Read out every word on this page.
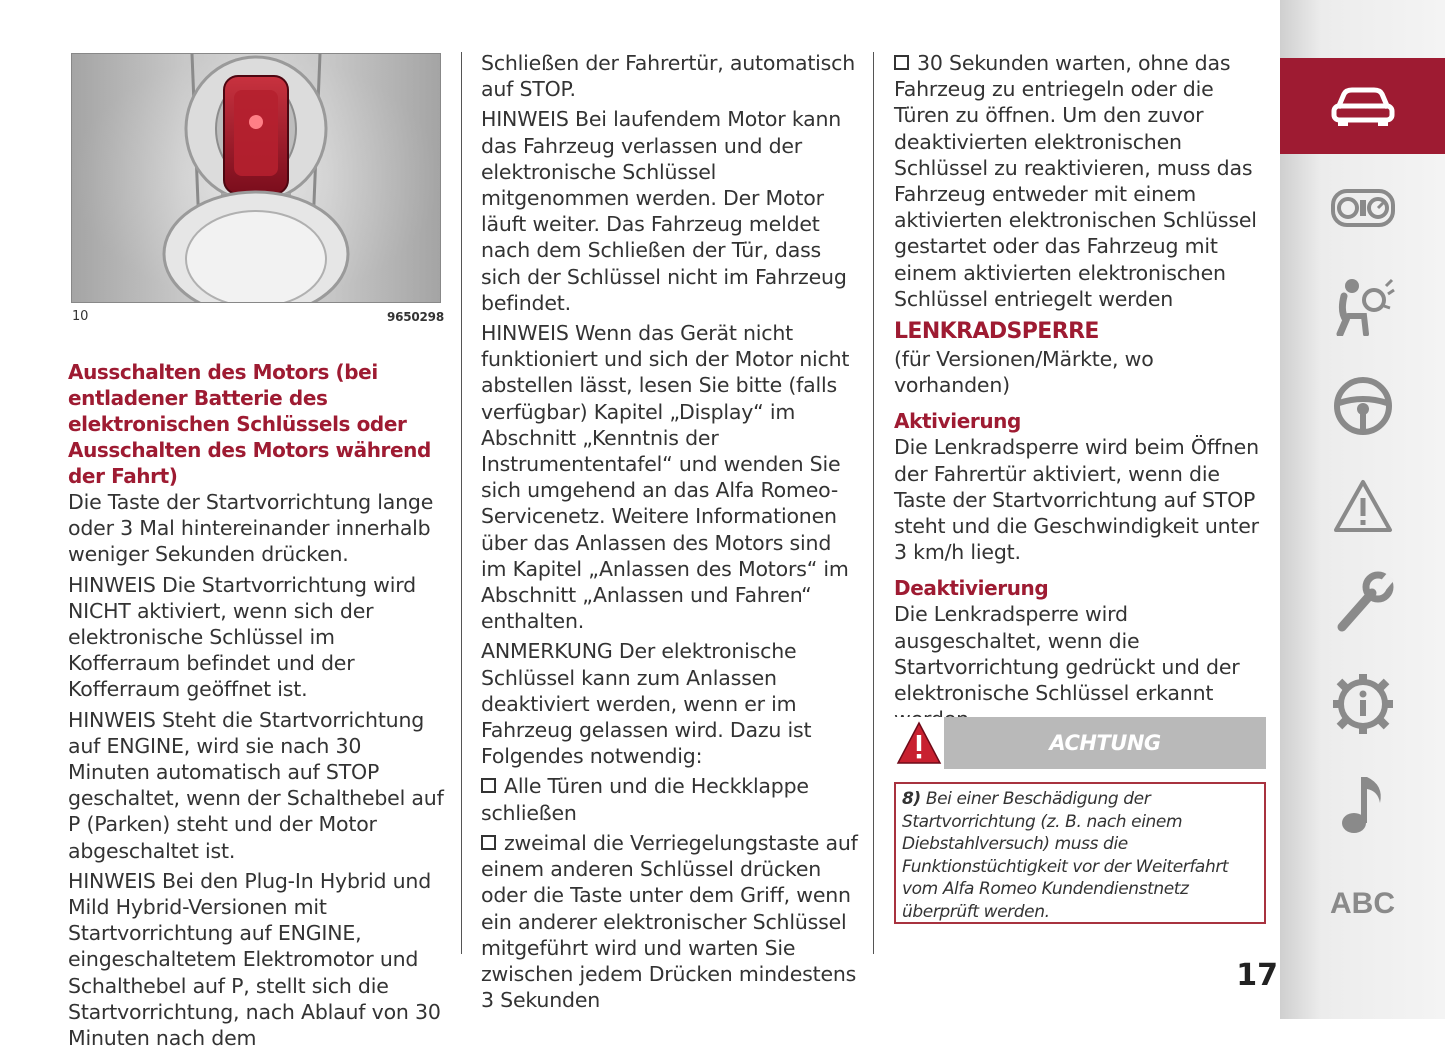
10	9650298
Ausschalten des Motors (bei entladener Batterie des elektronischen Schlüssels oder Ausschalten des Motors während der Fahrt)

Die Taste der Startvorrichtung lange oder 3 Mal hintereinander innerhalb weniger Sekunden drücken.

HINWEIS Die Startvorrichtung wird NICHT aktiviert, wenn sich der elektronische Schlüssel im Kofferraum befindet und der Kofferraum geöffnet ist.

HINWEIS Steht die Startvorrichtung auf ENGINE, wird sie nach 30 Minuten automatisch auf STOP geschaltet, wenn der Schalthebel auf P (Parken) steht und der Motor abgeschaltet ist.

HINWEIS Bei den Plug-In Hybrid und Mild Hybrid-Versionen mit Startvorrichtung auf ENGINE, eingeschaltetem Elektromotor und Schalthebel auf P, stellt sich die Startvorrichtung, nach Ablauf von 30 Minuten nach dem

Schließen der Fahrertür, automatisch auf STOP.

HINWEIS Bei laufendem Motor kann das Fahrzeug verlassen und der elektronische Schlüssel mitgenommen werden. Der Motor läuft weiter. Das Fahrzeug meldet nach dem Schließen der Tür, dass sich der Schlüssel nicht im Fahrzeug befindet.

HINWEIS Wenn das Gerät nicht funktioniert und sich der Motor nicht abstellen lässt, lesen Sie bitte (falls verfügbar) Kapitel „Display“ im Abschnitt „Kenntnis der Instrumententafel“ und wenden Sie sich umgehend an das Alfa Romeo-Servicenetz. Weitere Informationen über das Anlassen des Motors sind im Kapitel „Anlassen des Motors“ im Abschnitt „Anlassen und Fahren“ enthalten.

ANMERKUNG Der elektronische Schlüssel kann zum Anlassen deaktiviert werden, wenn er im Fahrzeug gelassen wird. Dazu ist Folgendes notwendig:

Alle Türen und die Heckklappe schließen

zweimal die Verriegelungstaste auf einem anderen Schlüssel drücken oder die Taste unter dem Griff, wenn ein anderer elektronischer Schlüssel mitgeführt wird und warten Sie zwischen jedem Drücken mindestens 3 Sekunden

30 Sekunden warten, ohne das Fahrzeug zu entriegeln oder die Türen zu öffnen. Um den zuvor deaktivierten elektronischen Schlüssel zu reaktivieren, muss das Fahrzeug entweder mit einem aktivierten elektronischen Schlüssel gestartet oder das Fahrzeug mit einem aktivierten elektronischen Schlüssel entriegelt werden

LENKRADSPERRE

(für Versionen/Märkte, wo vorhanden)

Aktivierung

Die Lenkradsperre wird beim Öffnen der Fahrertür aktiviert, wenn die Taste der Startvorrichtung auf STOP steht und die Geschwindigkeit unter 3 km/h liegt.

Deaktivierung

Die Lenkradsperre wird ausgeschaltet, wenn die Startvorrichtung gedrückt und der elektronische Schlüssel erkannt

ACHTUNG
8) Bei einer Beschädigung der Startvorrichtung (z. B. nach einem Diebstahlversuch) muss die Funktionstüchtigkeit vor der Weiterfahrt vom Alfa Romeo Kundendienstnetz überprüft werden.	ABC
17
